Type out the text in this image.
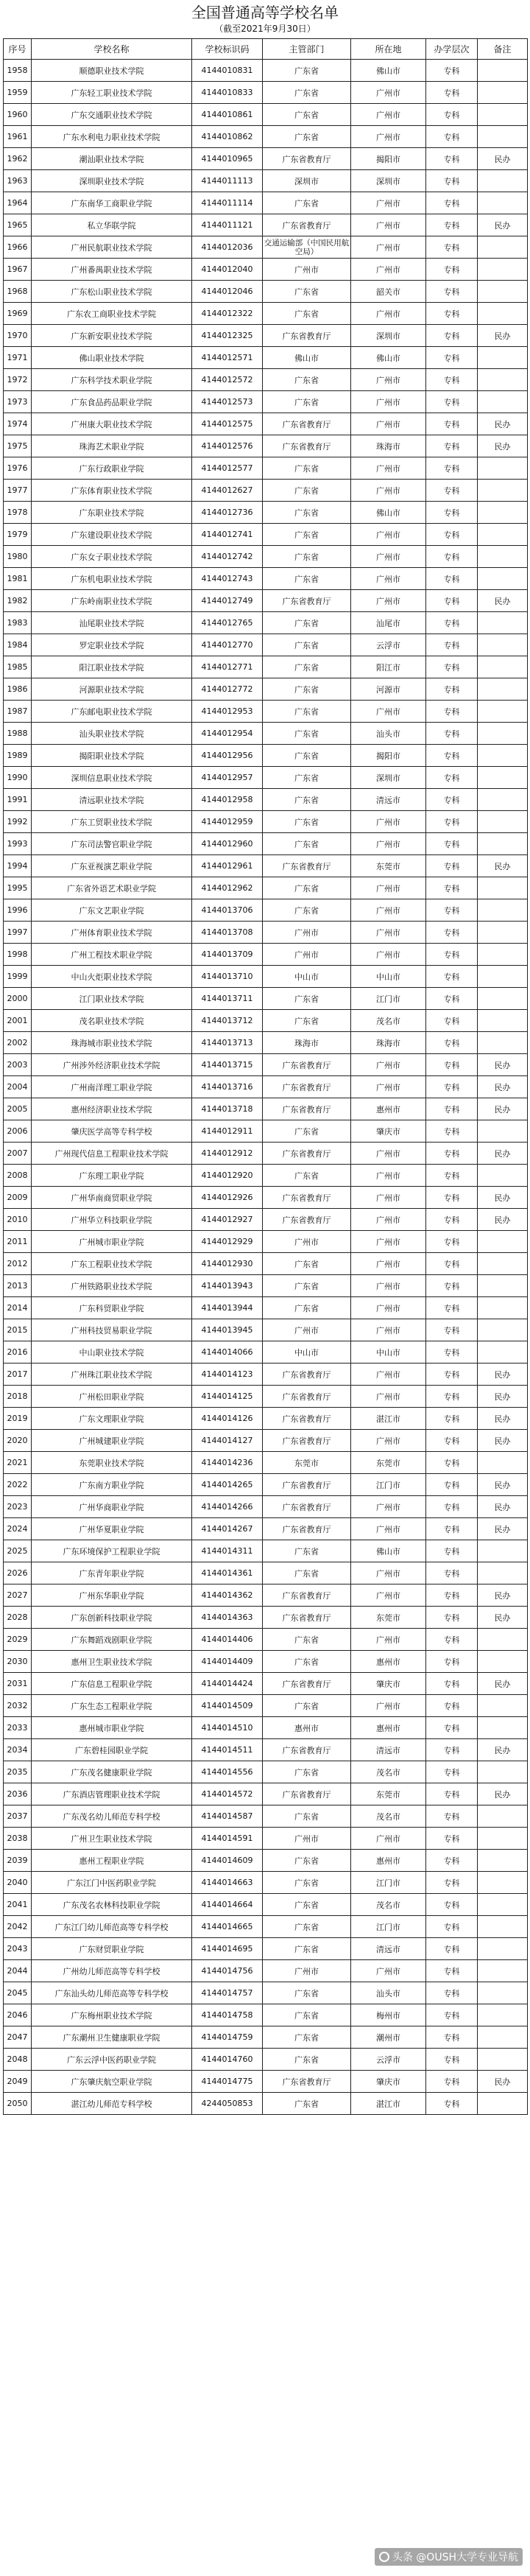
全国普通高等学校名单
（截至2021年9月30日）
序号	学校名称	学校标识码	主管部门	所在地	办学层次	备注
1958	顺德职业技术学院	4144010831	广东省	佛山市	专科	
1959	广东轻工职业技术学院	4144010833	广东省	广州市	专科	
1960	广东交通职业技术学院	4144010861	广东省	广州市	专科	
1961	广东水利电力职业技术学院	4144010862	广东省	广州市	专科	
1962	潮汕职业技术学院	4144010965	广东省教育厅	揭阳市	专科	民办
1963	深圳职业技术学院	4144011113	深圳市	深圳市	专科	
1964	广东南华工商职业学院	4144011114	广东省	广州市	专科	
1965	私立华联学院	4144011121	广东省教育厅	广州市	专科	民办
1966	广州民航职业技术学院	4144012036	交通运输部（中国民用航空局）	广州市	专科	
1967	广州番禺职业技术学院	4144012040	广州市	广州市	专科	
1968	广东松山职业技术学院	4144012046	广东省	韶关市	专科	
1969	广东农工商职业技术学院	4144012322	广东省	广州市	专科	
1970	广东新安职业技术学院	4144012325	广东省教育厅	深圳市	专科	民办
1971	佛山职业技术学院	4144012571	佛山市	佛山市	专科	
1972	广东科学技术职业学院	4144012572	广东省	广州市	专科	
1973	广东食品药品职业学院	4144012573	广东省	广州市	专科	
1974	广州康大职业技术学院	4144012575	广东省教育厅	广州市	专科	民办
1975	珠海艺术职业学院	4144012576	广东省教育厅	珠海市	专科	民办
1976	广东行政职业学院	4144012577	广东省	广州市	专科	
1977	广东体育职业技术学院	4144012627	广东省	广州市	专科	
1978	广东职业技术学院	4144012736	广东省	佛山市	专科	
1979	广东建设职业技术学院	4144012741	广东省	广州市	专科	
1980	广东女子职业技术学院	4144012742	广东省	广州市	专科	
1981	广东机电职业技术学院	4144012743	广东省	广州市	专科	
1982	广东岭南职业技术学院	4144012749	广东省教育厅	广州市	专科	民办
1983	汕尾职业技术学院	4144012765	广东省	汕尾市	专科	
1984	罗定职业技术学院	4144012770	广东省	云浮市	专科	
1985	阳江职业技术学院	4144012771	广东省	阳江市	专科	
1986	河源职业技术学院	4144012772	广东省	河源市	专科	
1987	广东邮电职业技术学院	4144012953	广东省	广州市	专科	
1988	汕头职业技术学院	4144012954	广东省	汕头市	专科	
1989	揭阳职业技术学院	4144012956	广东省	揭阳市	专科	
1990	深圳信息职业技术学院	4144012957	广东省	深圳市	专科	
1991	清远职业技术学院	4144012958	广东省	清远市	专科	
1992	广东工贸职业技术学院	4144012959	广东省	广州市	专科	
1993	广东司法警官职业学院	4144012960	广东省	广州市	专科	
1994	广东亚视演艺职业学院	4144012961	广东省教育厅	东莞市	专科	民办
1995	广东省外语艺术职业学院	4144012962	广东省	广州市	专科	
1996	广东文艺职业学院	4144013706	广东省	广州市	专科	
1997	广州体育职业技术学院	4144013708	广州市	广州市	专科	
1998	广州工程技术职业学院	4144013709	广州市	广州市	专科	
1999	中山火炬职业技术学院	4144013710	中山市	中山市	专科	
2000	江门职业技术学院	4144013711	广东省	江门市	专科	
2001	茂名职业技术学院	4144013712	广东省	茂名市	专科	
2002	珠海城市职业技术学院	4144013713	珠海市	珠海市	专科	
2003	广州涉外经济职业技术学院	4144013715	广东省教育厅	广州市	专科	民办
2004	广州南洋理工职业学院	4144013716	广东省教育厅	广州市	专科	民办
2005	惠州经济职业技术学院	4144013718	广东省教育厅	惠州市	专科	民办
2006	肇庆医学高等专科学校	4144012911	广东省	肇庆市	专科	
2007	广州现代信息工程职业技术学院	4144012912	广东省教育厅	广州市	专科	民办
2008	广东理工职业学院	4144012920	广东省	广州市	专科	
2009	广州华南商贸职业学院	4144012926	广东省教育厅	广州市	专科	民办
2010	广州华立科技职业学院	4144012927	广东省教育厅	广州市	专科	民办
2011	广州城市职业学院	4144012929	广州市	广州市	专科	
2012	广东工程职业技术学院	4144012930	广东省	广州市	专科	
2013	广州铁路职业技术学院	4144013943	广东省	广州市	专科	
2014	广东科贸职业学院	4144013944	广东省	广州市	专科	
2015	广州科技贸易职业学院	4144013945	广州市	广州市	专科	
2016	中山职业技术学院	4144014066	中山市	中山市	专科	
2017	广州珠江职业技术学院	4144014123	广东省教育厅	广州市	专科	民办
2018	广州松田职业学院	4144014125	广东省教育厅	广州市	专科	民办
2019	广东文理职业学院	4144014126	广东省教育厅	湛江市	专科	民办
2020	广州城建职业学院	4144014127	广东省教育厅	广州市	专科	民办
2021	东莞职业技术学院	4144014236	东莞市	东莞市	专科	
2022	广东南方职业学院	4144014265	广东省教育厅	江门市	专科	民办
2023	广州华商职业学院	4144014266	广东省教育厅	广州市	专科	民办
2024	广州华夏职业学院	4144014267	广东省教育厅	广州市	专科	民办
2025	广东环境保护工程职业学院	4144014311	广东省	佛山市	专科	
2026	广东青年职业学院	4144014361	广东省	广州市	专科	
2027	广州东华职业学院	4144014362	广东省教育厅	广州市	专科	民办
2028	广东创新科技职业学院	4144014363	广东省教育厅	东莞市	专科	民办
2029	广东舞蹈戏剧职业学院	4144014406	广东省	广州市	专科	
2030	惠州卫生职业技术学院	4144014409	广东省	惠州市	专科	
2031	广东信息工程职业学院	4144014424	广东省教育厅	肇庆市	专科	民办
2032	广东生态工程职业学院	4144014509	广东省	广州市	专科	
2033	惠州城市职业学院	4144014510	惠州市	惠州市	专科	
2034	广东碧桂园职业学院	4144014511	广东省教育厅	清远市	专科	民办
2035	广东茂名健康职业学院	4144014556	广东省	茂名市	专科	
2036	广东酒店管理职业技术学院	4144014572	广东省教育厅	东莞市	专科	民办
2037	广东茂名幼儿师范专科学校	4144014587	广东省	茂名市	专科	
2038	广州卫生职业技术学院	4144014591	广州市	广州市	专科	
2039	惠州工程职业学院	4144014609	广东省	惠州市	专科	
2040	广东江门中医药职业学院	4144014663	广东省	江门市	专科	
2041	广东茂名农林科技职业学院	4144014664	广东省	茂名市	专科	
2042	广东江门幼儿师范高等专科学校	4144014665	广东省	江门市	专科	
2043	广东财贸职业学院	4144014695	广东省	清远市	专科	
2044	广州幼儿师范高等专科学校	4144014756	广州市	广州市	专科	
2045	广东汕头幼儿师范高等专科学校	4144014757	广东省	汕头市	专科	
2046	广东梅州职业技术学院	4144014758	广东省	梅州市	专科	
2047	广东潮州卫生健康职业学院	4144014759	广东省	潮州市	专科	
2048	广东云浮中医药职业学院	4144014760	广东省	云浮市	专科	
2049	广东肇庆航空职业学院	4144014775	广东省教育厅	肇庆市	专科	民办
2050	湛江幼儿师范专科学校	4244050853	广东省	湛江市	专科	
头条 @OUSH大学专业导航
